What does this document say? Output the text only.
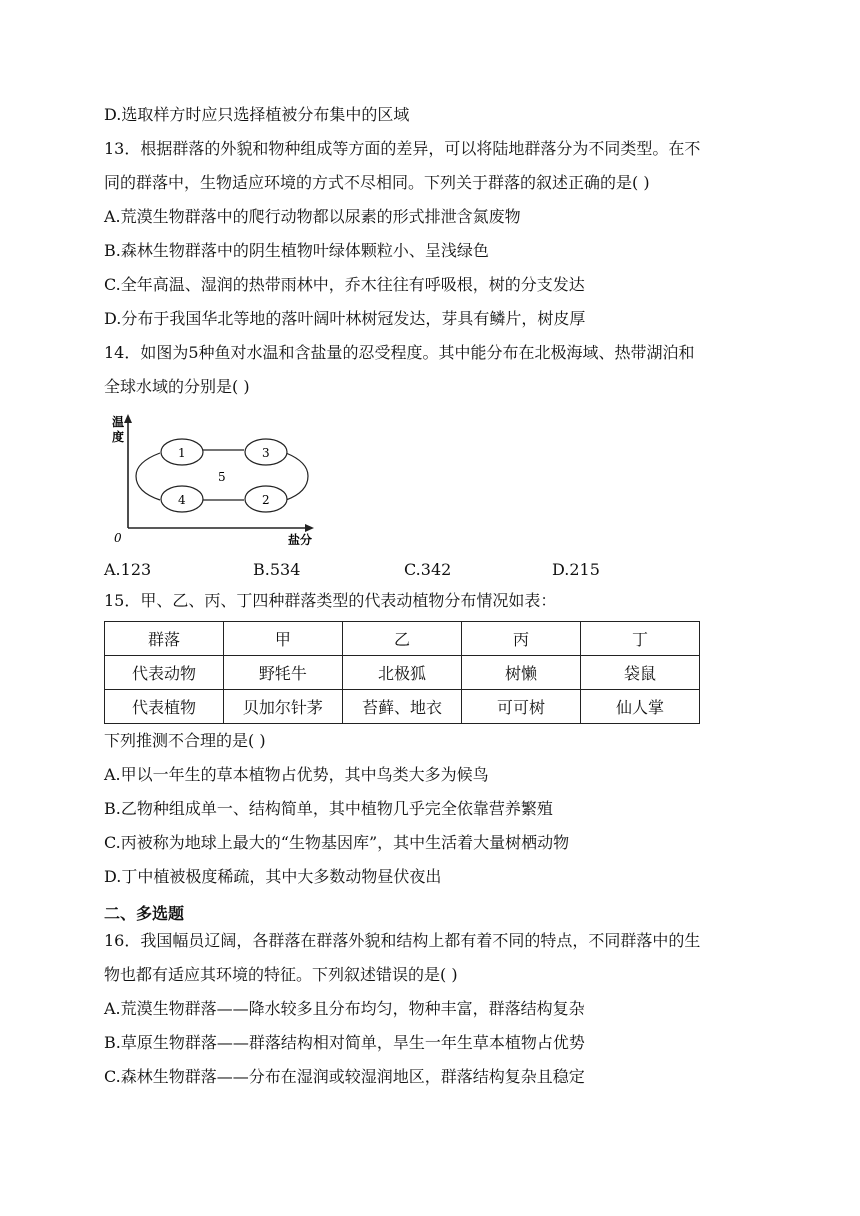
D.选取样方时应只选择植被分布集中的区域
13．根据群落的外貌和物种组成等方面的差异，可以将陆地群落分为不同类型。在不
同的群落中，生物适应环境的方式不尽相同。下列关于群落的叙述正确的是( )
A.荒漠生物群落中的爬行动物都以尿素的形式排泄含氮废物
B.森林生物群落中的阴生植物叶绿体颗粒小、呈浅绿色
C.全年高温、湿润的热带雨林中，乔木往往有呼吸根，树的分支发达
D.分布于我国华北等地的落叶阔叶林树冠发达，芽具有鳞片，树皮厚
14．如图为5种鱼对水温和含盐量的忍受程度。其中能分布在北极海域、热带湖泊和
全球水域的分别是( )
温
度
0	盐分
1	3
4	2
5
A.123	B.534	C.342	D.215
15．甲、乙、丙、丁四种群落类型的代表动植物分布情况如表：
群落	甲	乙	丙	丁
代表动物	野牦牛	北极狐	树懒	袋鼠
代表植物	贝加尔针茅	苔藓、地衣	可可树	仙人掌
下列推测不合理的是( )
A.甲以一年生的草本植物占优势，其中鸟类大多为候鸟
B.乙物种组成单一、结构简单，其中植物几乎完全依靠营养繁殖
C.丙被称为地球上最大的“生物基因库”，其中生活着大量树栖动物
D.丁中植被极度稀疏，其中大多数动物昼伏夜出
二、多选题
16．我国幅员辽阔，各群落在群落外貌和结构上都有着不同的特点，不同群落中的生
物也都有适应其环境的特征。下列叙述错误的是( )
A.荒漠生物群落——降水较多且分布均匀，物种丰富，群落结构复杂
B.草原生物群落——群落结构相对简单，旱生一年生草本植物占优势
C.森林生物群落——分布在湿润或较湿润地区，群落结构复杂且稳定
